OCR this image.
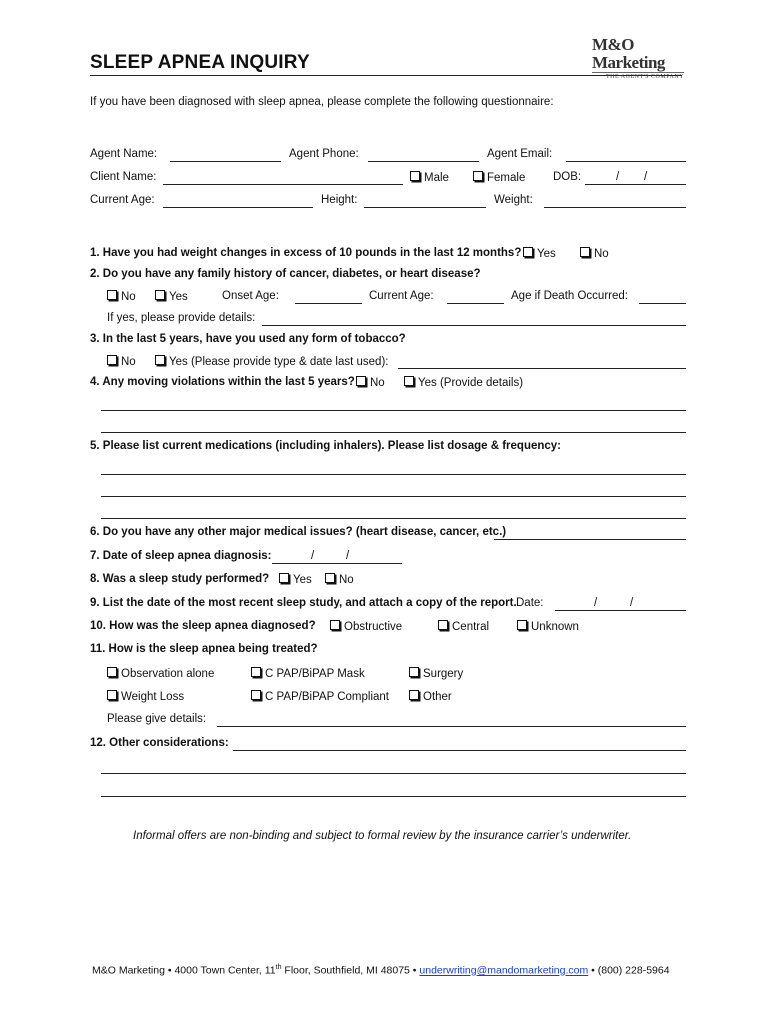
SLEEP APNEA INQUIRY
M&O Marketing
THE AGENT'S COMPANY
If you have been diagnosed with sleep apnea, please complete the following questionnaire:
Agent Name:	Agent Phone:	Agent Email:
Client Name:	Male	Female DOB:	/ /
Current Age:	Height:	Weight:
1. Have you had weight changes in excess of 10 pounds in the last 12 months?	Yes	No
2. Do you have any family history of cancer, diabetes, or heart disease?
No	Yes	Onset Age:	Current Age:	Age if Death Occurred:
If yes, please provide details:
3. In the last 5 years, have you used any form of tobacco?
No	Yes (Please provide type & date last used):
4. Any moving violations within the last 5 years?	No	Yes (Provide details)
5. Please list current medications (including inhalers). Please list dosage & frequency:
6. Do you have any other major medical issues? (heart disease, cancer, etc.)
7. Date of sleep apnea diagnosis:	/	/
8. Was a sleep study performed?	Yes	No
9. List the date of the most recent sleep study, and attach a copy of the report. Date:	/	/
10. How was the sleep apnea diagnosed?	Obstructive	Central	Unknown
11. How is the sleep apnea being treated?
Observation alone	C PAP/BiPAP Mask	Surgery
Weight Loss	C PAP/BiPAP Compliant	Other
Please give details:
12. Other considerations:
Informal offers are non-binding and subject to formal review by the insurance carrier’s underwriter.
M&O Marketing • 4000 Town Center, 11th Floor, Southfield, MI 48075 • underwriting@mandomarketing.com • (800) 228-5964
